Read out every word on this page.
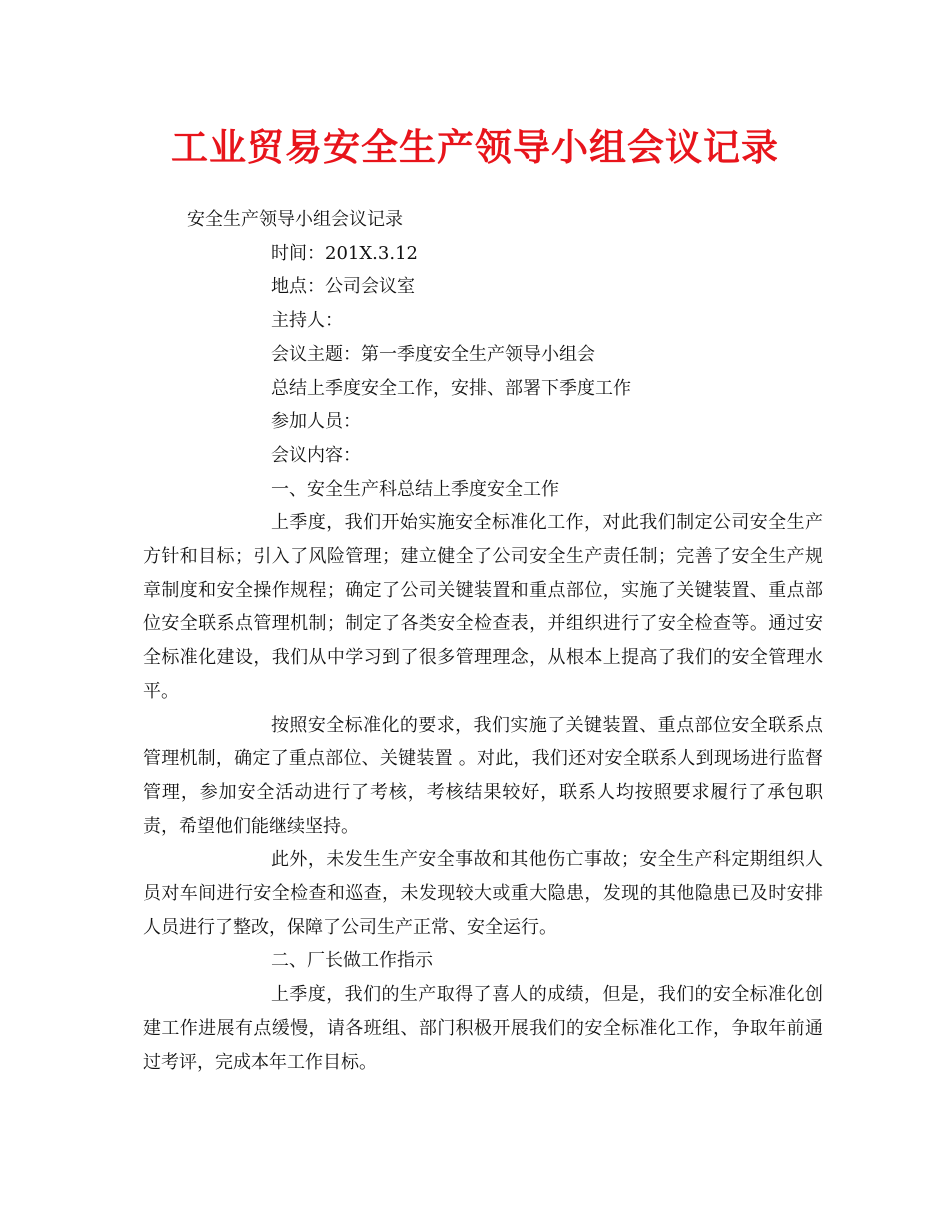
工业贸易安全生产领导小组会议记录

安全生产领导小组会议记录

时间：201X.3.12

地点：公司会议室

主持人：

会议主题：第一季度安全生产领导小组会

总结上季度安全工作，安排、部署下季度工作

参加人员：

会议内容：

一、安全生产科总结上季度安全工作

上季度，我们开始实施安全标准化工作，对此我们制定公司安全生产方针和目标；引入了风险管理；建立健全了公司安全生产责任制；完善了安全生产规章制度和安全操作规程；确定了公司关键装置和重点部位，实施了关键装置、重点部位安全联系点管理机制；制定了各类安全检查表，并组织进行了安全检查等。通过安全标准化建设，我们从中学习到了很多管理理念，从根本上提高了我们的安全管理水平。

按照安全标准化的要求，我们实施了关键装置、重点部位安全联系点管理机制，确定了重点部位、关键装置 。对此，我们还对安全联系人到现场进行监督管理，参加安全活动进行了考核，考核结果较好，联系人均按照要求履行了承包职责，希望他们能继续坚持。

此外，未发生生产安全事故和其他伤亡事故；安全生产科定期组织人员对车间进行安全检查和巡查，未发现较大或重大隐患，发现的其他隐患已及时安排人员进行了整改，保障了公司生产正常、安全运行。

二、厂长做工作指示

上季度，我们的生产取得了喜人的成绩，但是，我们的安全标准化创建工作进展有点缓慢，请各班组、部门积极开展我们的安全标准化工作，争取年前通过考评，完成本年工作目标。
